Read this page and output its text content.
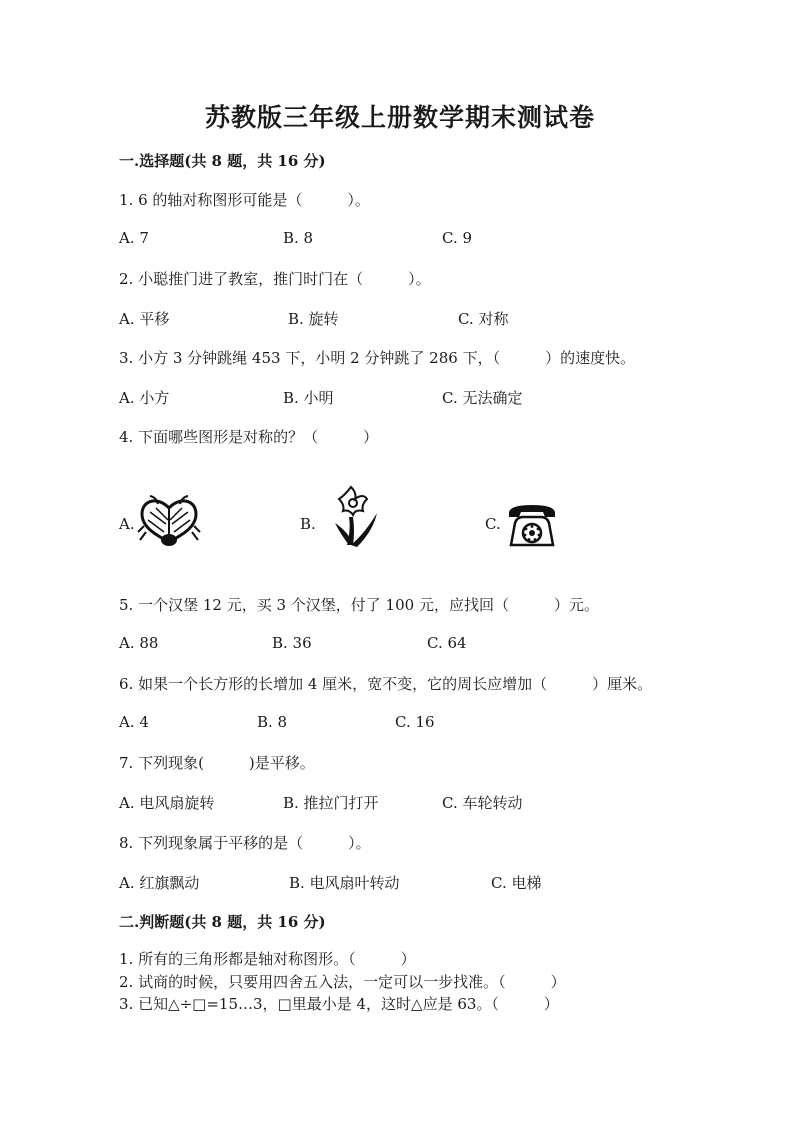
苏教版三年级上册数学期末测试卷
一.选择题(共 8 题，共 16 分)
1. 6 的轴对称图形可能是（　　　）。
A. 7	B. 8	C. 9
2. 小聪推门进了教室，推门时门在（　　　）。
A. 平移	B. 旋转	C. 对称
3. 小方 3 分钟跳绳 453 下，小明 2 分钟跳了 286 下，（　　　）的速度快。
A. 小方	B. 小明	C. 无法确定
4. 下面哪些图形是对称的？（　　　）
A.	B.	C.
5. 一个汉堡 12 元，买 3 个汉堡，付了 100 元，应找回（　　　）元。
A. 88	B. 36	C. 64
6. 如果一个长方形的长增加 4 厘米，宽不变，它的周长应增加（　　　）厘米。
A. 4	B. 8	C. 16
7. 下列现象(　　　)是平移。
A. 电风扇旋转	B. 推拉门打开	C. 车轮转动
8. 下列现象属于平移的是（　　　）。
A. 红旗飘动	B. 电风扇叶转动	C. 电梯
二.判断题(共 8 题，共 16 分)
1. 所有的三角形都是轴对称图形。（　　　）
2. 试商的时候，只要用四舍五入法，一定可以一步找准。（　　　）
3. 已知△÷□=15…3，□里最小是 4，这时△应是 63。（　　　）
